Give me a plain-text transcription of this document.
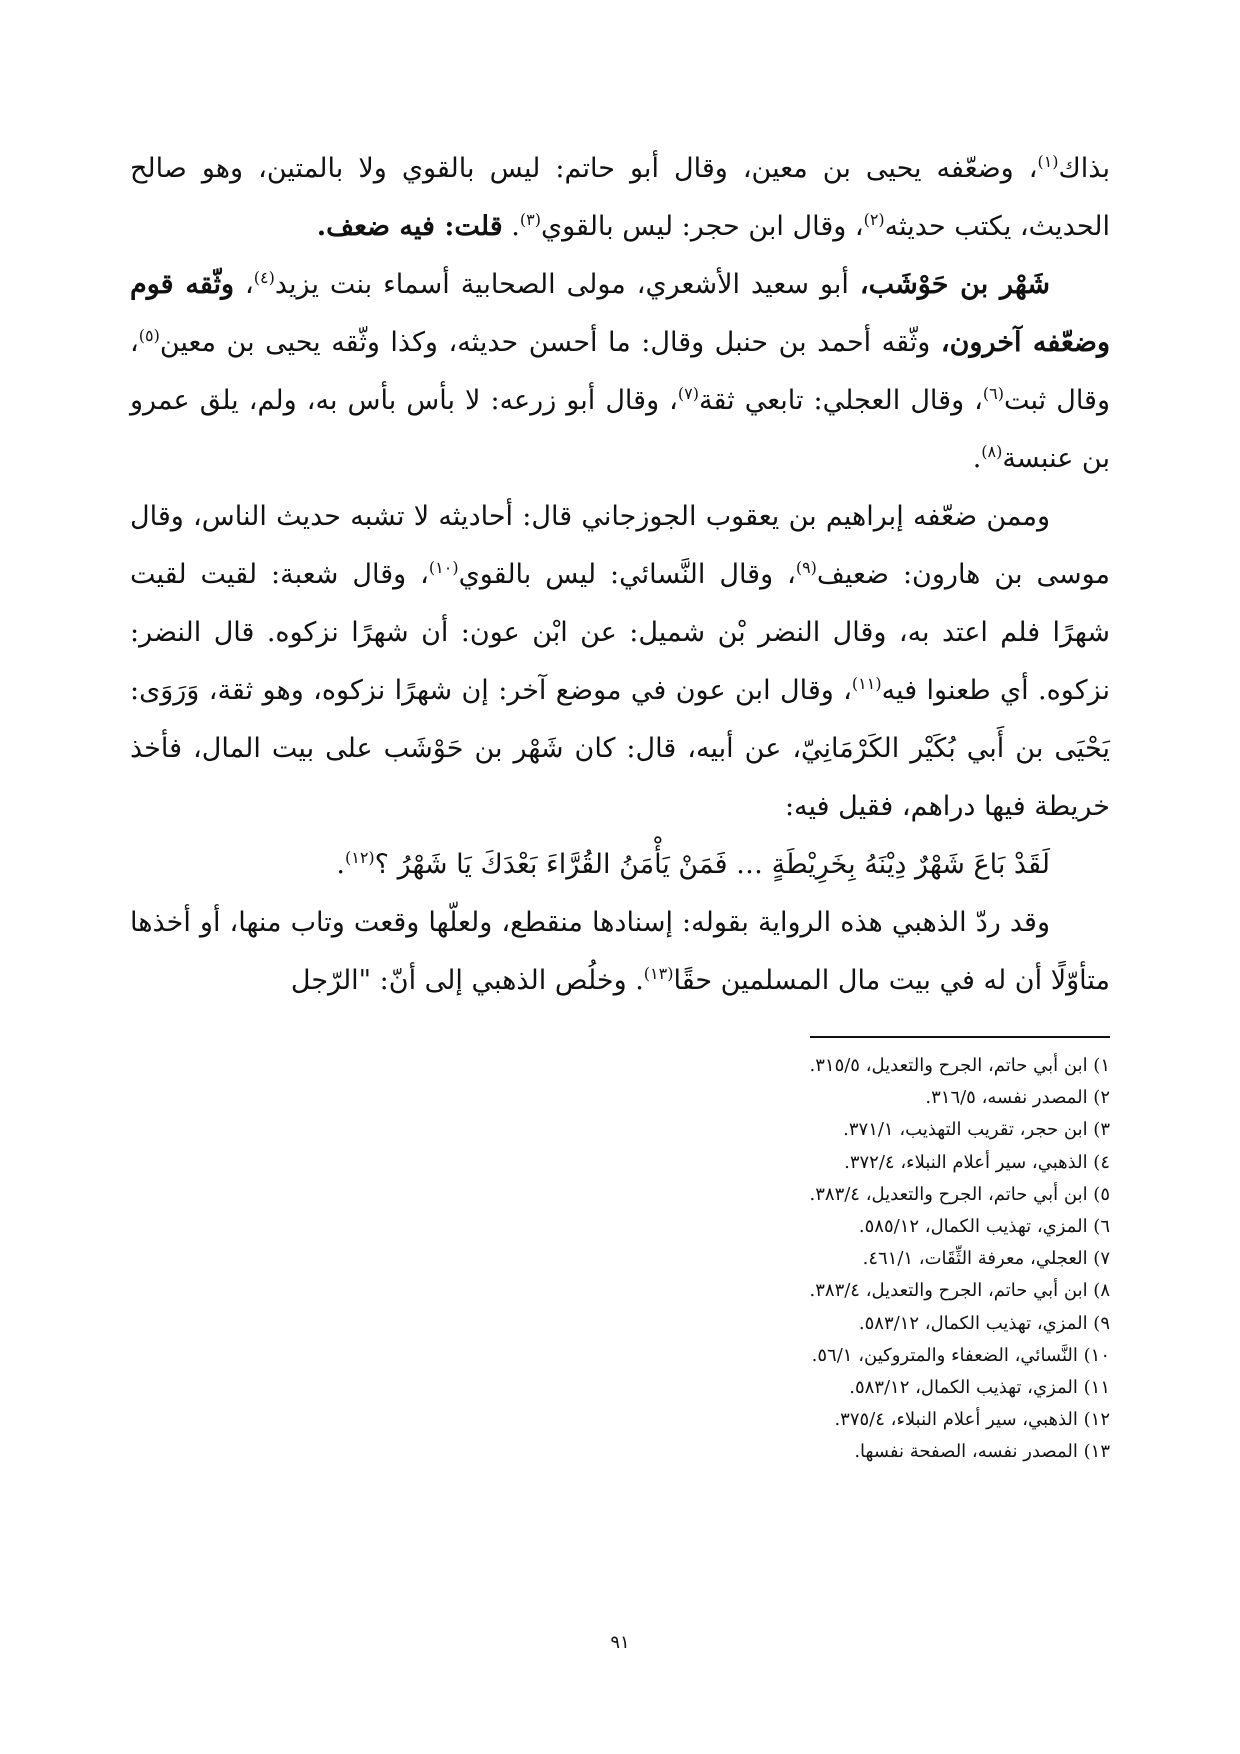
بذاك$^{(١)}$، وضعّفه يحيى بن معين، وقال أبو حاتم: ليس بالقوي ولا بالمتين، وهو صالح الحديث، يكتب حديثه$^{(٢)}$، وقال ابن حجر: ليس بالقوي$^{(٣)}$. قلت: فيه ضعف.

شَهْر بن حَوْشَب، أبو سعيد الأشعري، مولى الصحابية أسماء بنت يزيد$^{(٤)}$، وثّقه قوم وضعّفه آخرون، وثّقه أحمد بن حنبل وقال: ما أحسن حديثه، وكذا وثّقه يحيى بن معين$^{(٥)}$، وقال ثبت$^{(٦)}$، وقال العجلي: تابعي ثقة$^{(٧)}$، وقال أبو زرعه: لا بأس بأس به، ولم، يلق عمرو بن عنبسة$^{(٨)}$.

وممن ضعّفه إبراهيم بن يعقوب الجوزجاني قال: أحاديثه لا تشبه حديث الناس، وقال موسى بن هارون: ضعيف$^{(٩)}$، وقال النَّسائي: ليس بالقوي$^{(١٠)}$، وقال شعبة: لقيت لقيت شهرًا فلم اعتد به، وقال النضر بْن شميل: عن ابْن عون: أن شهرًا نزكوه. قال النضر: نزكوه. أي طعنوا فيه$^{(١١)}$، وقال ابن عون في موضع آخر: إن شهرًا نزكوه، وهو ثقة، وَرَوَى: يَحْيَى بن أَبي بُكَيْر الكَرْمَانِيّ، عن أبيه، قال: كان شَهْر بن حَوْشَب على بيت المال، فأخذ خريطة فيها دراهم، فقيل فيه:

لَقَدْ بَاعَ شَهْرٌ دِيْنَهُ بِخَرِيْطَةٍ … فَمَنْ يَأْمَنُ القُرَّاءَ بَعْدَكَ يَا شَهْرُ ؟$^{(١٢)}$.

وقد ردّ الذهبي هذه الرواية بقوله: إسنادها منقطع، ولعلّها وقعت وتاب منها، أو أخذها متأوّلًا أن له في بيت مال المسلمين حقًا$^{(١٣)}$. وخلُص الذهبي إلى أنّ: "الرّجل

١) ابن أبي حاتم، الجرح والتعديل، ٣١٥/٥.
٢) المصدر نفسه، ٣١٦/٥.
٣) ابن حجر، تقريب التهذيب، ٣٧١/١.
٤) الذهبي، سير أعلام النبلاء، ٣٧٢/٤.
٥) ابن أبي حاتم، الجرح والتعديل، ٣٨٣/٤.
٦) المزي، تهذيب الكمال، ٥٨٥/١٢.
٧) العجلي، معرفة الثِّقَات، ٤٦١/١.
٨) ابن أبي حاتم، الجرح والتعديل، ٣٨٣/٤.
٩) المزي، تهذيب الكمال، ٥٨٣/١٢.
١٠) النَّسائي، الضعفاء والمتروكين، ٥٦/١.
١١) المزي، تهذيب الكمال، ٥٨٣/١٢.
١٢) الذهبي، سير أعلام النبلاء، ٣٧٥/٤.
١٣) المصدر نفسه، الصفحة نفسها.
٩١
